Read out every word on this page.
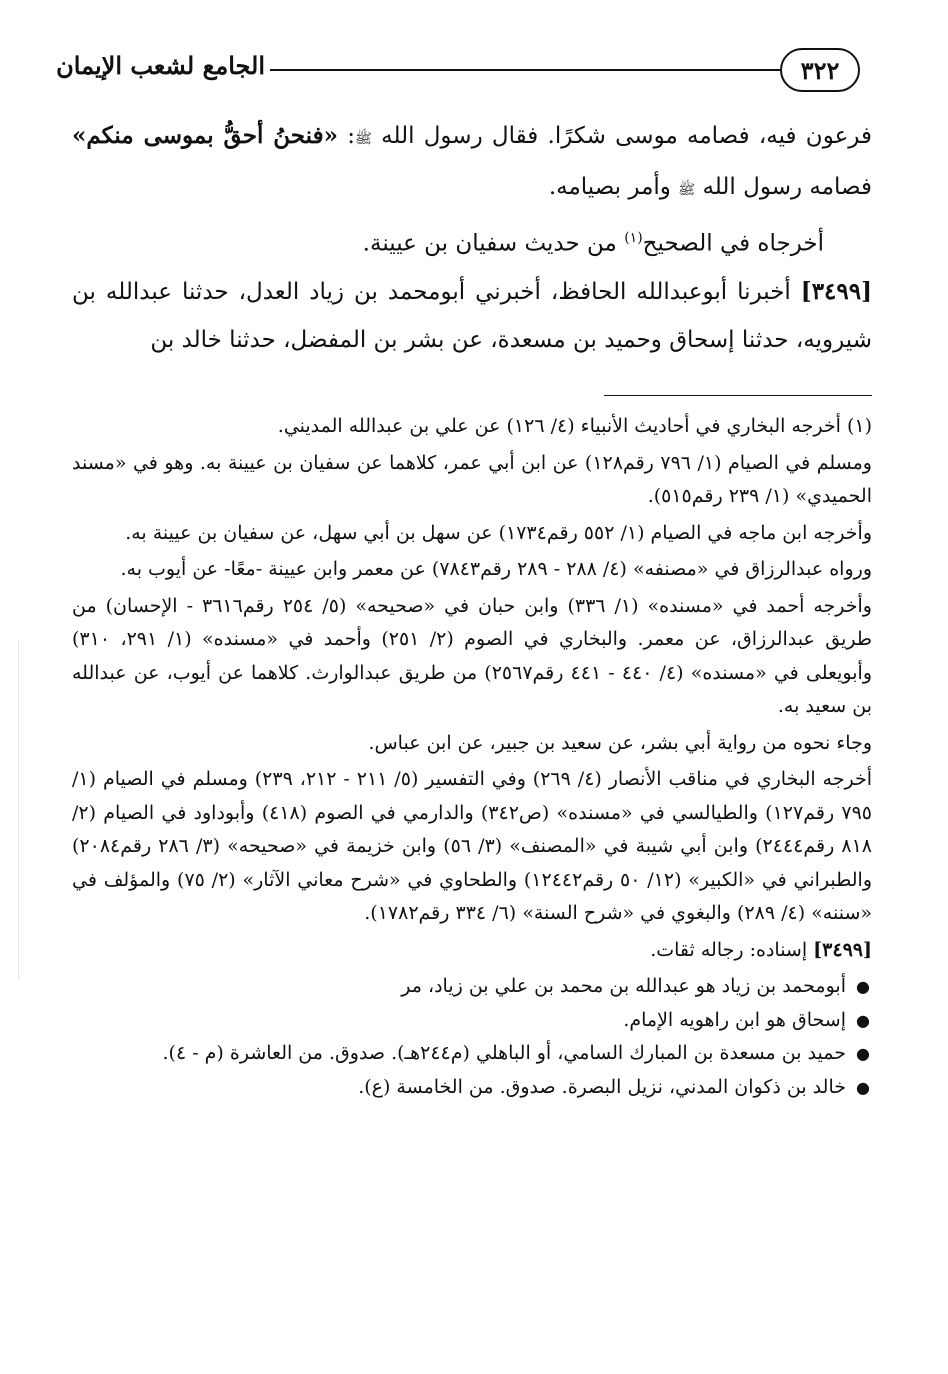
٣٢٢
الجامع لشعب الإيمان

فرعون فيه، فصامه موسى شكرًا. فقال رسول الله ﷺ: «فنحنُ أحقُّ بموسى منكم» فصامه رسول الله ﷺ وأمر بصيامه.

أخرجاه في الصحيح$^{(١)}$ من حديث سفيان بن عيينة.

[٣٤٩٩] أخبرنا أبوعبدالله الحافظ، أخبرني أبومحمد بن زياد العدل، حدثنا عبدالله بن شيرويه، حدثنا إسحاق وحميد بن مسعدة، عن بشر بن المفضل، حدثنا خالد بن

(١) أخرجه البخاري في أحاديث الأنبياء (٤/ ١٢٦) عن علي بن عبدالله المديني.

ومسلم في الصيام (١/ ٧٩٦ رقم١٢٨) عن ابن أبي عمر، كلاهما عن سفيان بن عيينة به. وهو في «مسند الحميدي» (١/ ٢٣٩ رقم٥١٥).

وأخرجه ابن ماجه في الصيام (١/ ٥٥٢ رقم١٧٣٤) عن سهل بن أبي سهل، عن سفيان بن عيينة به.

ورواه عبدالرزاق في «مصنفه» (٤/ ٢٨٨ - ٢٨٩ رقم٧٨٤٣) عن معمر وابن عيينة -معًا- عن أيوب به.

وأخرجه أحمد في «مسنده» (١/ ٣٣٦) وابن حبان في «صحيحه» (٥/ ٢٥٤ رقم٣٦١٦ - الإحسان) من طريق عبدالرزاق، عن معمر. والبخاري في الصوم (٢/ ٢٥١) وأحمد في «مسنده» (١/ ٢٩١، ٣١٠) وأبويعلى في «مسنده» (٤/ ٤٤٠ - ٤٤١ رقم٢٥٦٧) من طريق عبدالوارث. كلاهما عن أيوب، عن عبدالله بن سعيد به.

وجاء نحوه من رواية أبي بشر، عن سعيد بن جبير، عن ابن عباس.

أخرجه البخاري في مناقب الأنصار (٤/ ٢٦٩) وفي التفسير (٥/ ٢١١ - ٢١٢، ٢٣٩) ومسلم في الصيام (١/ ٧٩٥ رقم١٢٧) والطيالسي في «مسنده» (ص٣٤٢) والدارمي في الصوم (٤١٨) وأبوداود في الصيام (٢/ ٨١٨ رقم٢٤٤٤) وابن أبي شيبة في «المصنف» (٣/ ٥٦) وابن خزيمة في «صحيحه» (٣/ ٢٨٦ رقم٢٠٨٤) والطبراني في «الكبير» (١٢/ ٥٠ رقم١٢٤٤٢) والطحاوي في «شرح معاني الآثار» (٢/ ٧٥) والمؤلف في «سننه» (٤/ ٢٨٩) والبغوي في «شرح السنة» (٦/ ٣٣٤ رقم١٧٨٢).

[٣٤٩٩] إسناده: رجاله ثقات.

● أبومحمد بن زياد هو عبدالله بن محمد بن علي بن زياد، مر
● إسحاق هو ابن راهويه الإمام.
● حميد بن مسعدة بن المبارك السامي، أو الباهلي (م٢٤٤هـ). صدوق. من العاشرة (م - ٤).
● خالد بن ذكوان المدني، نزيل البصرة. صدوق. من الخامسة (ع).
